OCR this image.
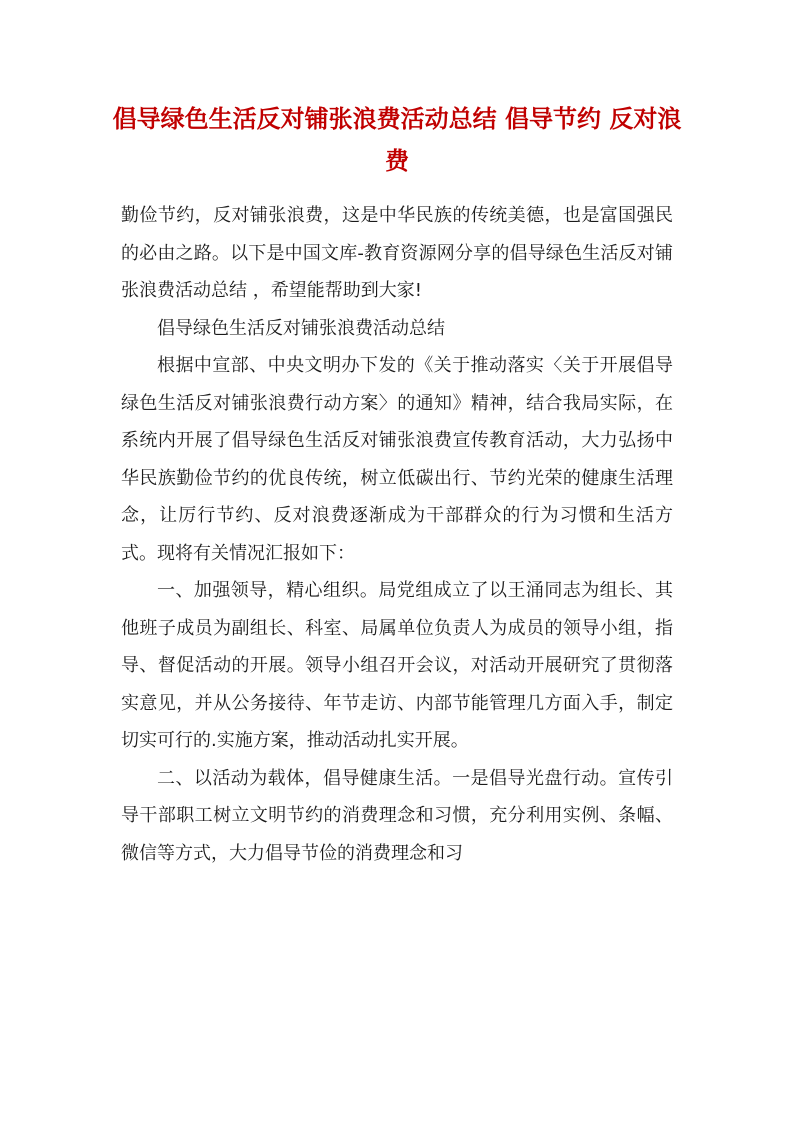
倡导绿色生活反对铺张浪费活动总结 倡导节约 反对浪费

勤俭节约，反对铺张浪费，这是中华民族的传统美德，也是富国强民的必由之路。以下是中国文库-教育资源网分享的倡导绿色生活反对铺张浪费活动总结 ，希望能帮助到大家!

倡导绿色生活反对铺张浪费活动总结

根据中宣部、中央文明办下发的《关于推动落实〈关于开展倡导绿色生活反对铺张浪费行动方案〉的通知》精神，结合我局实际，在系统内开展了倡导绿色生活反对铺张浪费宣传教育活动，大力弘扬中华民族勤俭节约的优良传统，树立低碳出行、节约光荣的健康生活理念，让厉行节约、反对浪费逐渐成为干部群众的行为习惯和生活方式。现将有关情况汇报如下：

一、加强领导，精心组织。局党组成立了以王涌同志为组长、其他班子成员为副组长、科室、局属单位负责人为成员的领导小组，指导、督促活动的开展。领导小组召开会议，对活动开展研究了贯彻落实意见，并从公务接待、年节走访、内部节能管理几方面入手，制定切实可行的.实施方案，推动活动扎实开展。

二、以活动为载体，倡导健康生活。一是倡导光盘行动。宣传引导干部职工树立文明节约的消费理念和习惯，充分利用实例、条幅、微信等方式，大力倡导节俭的消费理念和习
